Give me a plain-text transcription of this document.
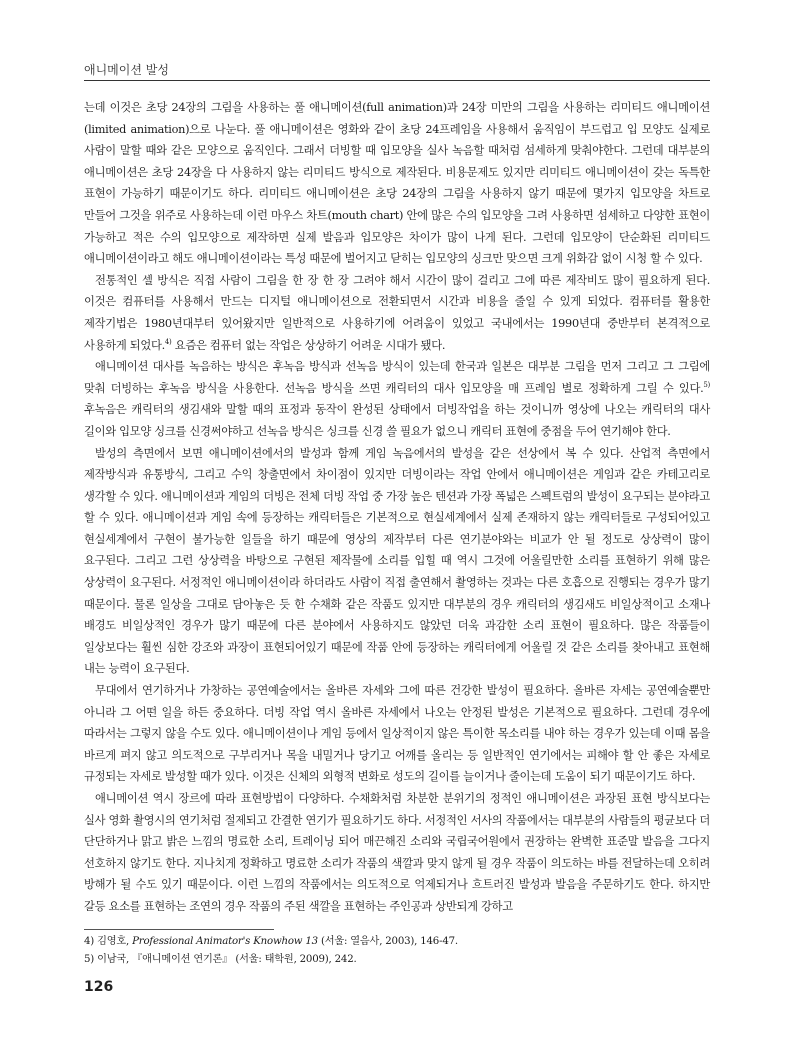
애니메이션 발성

는데 이것은 초당 24장의 그림을 사용하는 풀 애니메이션(full animation)과 24장 미만의 그림을 사용하는 리미티드 애니메이션(limited animation)으로 나눈다. 풀 애니메이션은 영화와 같이 초당 24프레임을 사용해서 움직임이 부드럽고 입 모양도 실제로 사람이 말할 때와 같은 모양으로 움직인다. 그래서 더빙할 때 입모양을 실사 녹음할 때처럼 섬세하게 맞춰야한다. 그런데 대부분의 애니메이션은 초당 24장을 다 사용하지 않는 리미티드 방식으로 제작된다. 비용문제도 있지만 리미티드 애니메이션이 갖는 독특한 표현이 가능하기 때문이기도 하다. 리미티드 애니메이션은 초당 24장의 그림을 사용하지 않기 때문에 몇가지 입모양을 차트로 만들어 그것을 위주로 사용하는데 이런 마우스 차트(mouth chart) 안에 많은 수의 입모양을 그려 사용하면 섬세하고 다양한 표현이 가능하고 적은 수의 입모양으로 제작하면 실제 발음과 입모양은 차이가 많이 나게 된다. 그런데 입모양이 단순화된 리미티드 애니메이션이라고 해도 애니메이션이라는 특성 때문에 벌어지고 닫히는 입모양의 싱크만 맞으면 크게 위화감 없이 시청 할 수 있다.

전통적인 셀 방식은 직접 사람이 그림을 한 장 한 장 그려야 해서 시간이 많이 걸리고 그에 따른 제작비도 많이 필요하게 된다. 이것은 컴퓨터를 사용해서 만드는 디지털 애니메이션으로 전환되면서 시간과 비용을 줄일 수 있게 되었다. 컴퓨터를 활용한 제작기법은 1980년대부터 있어왔지만 일반적으로 사용하기에 어려움이 있었고 국내에서는 1990년대 중반부터 본격적으로 사용하게 되었다.$^{4)}$ 요즘은 컴퓨터 없는 작업은 상상하기 어려운 시대가 됐다.

애니메이션 대사를 녹음하는 방식은 후녹음 방식과 선녹음 방식이 있는데 한국과 일본은 대부분 그림을 먼저 그리고 그 그림에 맞춰 더빙하는 후녹음 방식을 사용한다. 선녹음 방식을 쓰면 캐릭터의 대사 입모양을 매 프레임 별로 정확하게 그릴 수 있다.$^{5)}$ 후녹음은 캐릭터의 생김새와 말할 때의 표정과 동작이 완성된 상태에서 더빙작업을 하는 것이니까 영상에 나오는 캐릭터의 대사 길이와 입모양 싱크를 신경써야하고 선녹음 방식은 싱크를 신경 쓸 필요가 없으니 캐릭터 표현에 중점을 두어 연기해야 한다.

발성의 측면에서 보면 애니메이션에서의 발성과 함께 게임 녹음에서의 발성을 같은 선상에서 복 수 있다. 산업적 측면에서 제작방식과 유통방식, 그리고 수익 창출면에서 차이점이 있지만 더빙이라는 작업 안에서 애니메이션은 게임과 같은 카테고리로 생각할 수 있다. 애니메이션과 게임의 더빙은 전체 더빙 작업 중 가장 높은 텐션과 가장 폭넓은 스펙트럼의 발성이 요구되는 분야라고 할 수 있다. 애니메이션과 게임 속에 등장하는 캐릭터들은 기본적으로 현실세계에서 실제 존재하지 않는 캐릭터들로 구성되어있고 현실세계에서 구현이 불가능한 일들을 하기 때문에 영상의 제작부터 다른 연기분야와는 비교가 안 될 정도로 상상력이 많이 요구된다. 그리고 그런 상상력을 바탕으로 구현된 제작물에 소리를 입힐 때 역시 그것에 어울릴만한 소리를 표현하기 위해 많은 상상력이 요구된다. 서정적인 애니메이션이라 하더라도 사람이 직접 출연해서 촬영하는 것과는 다른 호흡으로 진행되는 경우가 많기 때문이다. 물론 일상을 그대로 담아놓은 듯 한 수채화 같은 작품도 있지만 대부분의 경우 캐릭터의 생김새도 비일상적이고 소재나 배경도 비일상적인 경우가 많기 때문에 다른 분야에서 사용하지도 않았던 더욱 과감한 소리 표현이 필요하다. 많은 작품들이 일상보다는 훨씬 심한 강조와 과장이 표현되어있기 때문에 작품 안에 등장하는 캐릭터에게 어울릴 것 같은 소리를 찾아내고 표현해 내는 능력이 요구된다.

무대에서 연기하거나 가창하는 공연예술에서는 올바른 자세와 그에 따른 건강한 발성이 필요하다. 올바른 자세는 공연예술뿐만 아니라 그 어떤 일을 하든 중요하다. 더빙 작업 역시 올바른 자세에서 나오는 안정된 발성은 기본적으로 필요하다. 그런데 경우에 따라서는 그렇지 않을 수도 있다. 애니메이션이나 게임 등에서 일상적이지 않은 특이한 목소리를 내야 하는 경우가 있는데 이때 몸을 바르게 펴지 않고 의도적으로 구부리거나 목을 내밀거나 당기고 어깨를 올리는 등 일반적인 연기에서는 피해야 할 안 좋은 자세로 규정되는 자세로 발성할 때가 있다. 이것은 신체의 외형적 변화로 성도의 길이를 늘이거나 줄이는데 도움이 되기 때문이기도 하다.

애니메이션 역시 장르에 따라 표현방법이 다양하다. 수채화처럼 차분한 분위기의 정적인 애니메이션은 과장된 표현 방식보다는 실사 영화 촬영시의 연기처럼 절제되고 간결한 연기가 필요하기도 하다. 서정적인 서사의 작품에서는 대부분의 사람들의 평균보다 더 단단하거나 맑고 밝은 느낌의 명료한 소리, 트레이닝 되어 매끈해진 소리와 국립국어원에서 권장하는 완벽한 표준말 발음을 그다지 선호하지 않기도 한다. 지나치게 정확하고 명료한 소리가 작품의 색깔과 맞지 않게 될 경우 작품이 의도하는 바를 전달하는데 오히려 방해가 될 수도 있기 때문이다. 이런 느낌의 작품에서는 의도적으로 억제되거나 흐트러진 발성과 발음을 주문하기도 한다. 하지만 갈등 요소를 표현하는 조연의 경우 작품의 주된 색깔을 표현하는 주인공과 상반되게 강하고

4) 김영호, Professional Animator's Knowhow 13 (서울: 열음사, 2003), 146-47.
5) 이남국, 『애니메이션 연기론』 (서울: 태학원, 2009), 242.
126
